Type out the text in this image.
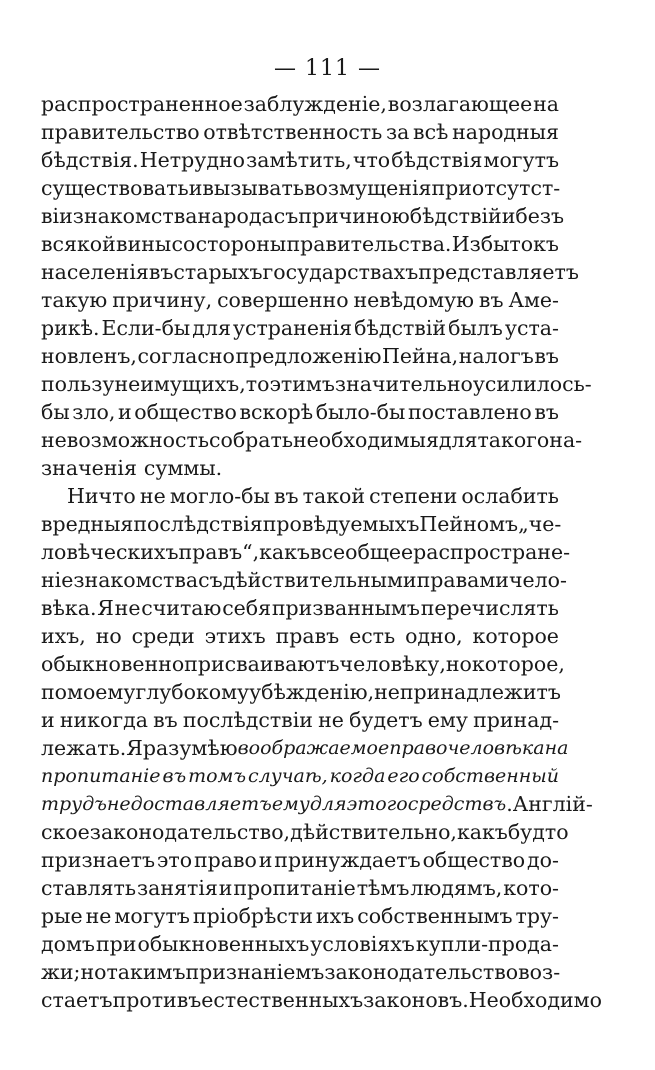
— 111 —
распространенное заблужденіе, возлагающее на
правительство отвѣтственность за всѣ народныя
бѣдствія. Нетрудно замѣтить, что бѣдствія могутъ
существовать и вызывать возмущенія при отсутст-
віи знакомства народа съ причиною бѣдствій и безъ
всякой вины со стороны правительства. Избытокъ
населенія въ старыхъ государствахъ представляетъ
такую причину, совершенно невѣдомую въ Аме-
рикѣ. Если-бы для устраненія бѣдствій былъ уста-
новленъ, согласно предложенію Пейна, налогъ въ
пользу неимущихъ, то этимъ значительно усилилось-
бы зло, и общество вскорѣ было-бы поставлено въ
невозможность собрать необходимыя для такого на-
значенія суммы.
Ничто не могло-бы въ такой степени ослабить
вредныя послѣдствія провѣдуемыхъ Пейномъ „че-
ловѣческихъ правъ“, какъ всеобщее распростране-
ніе знакомства съ дѣйствительными правами чело-
вѣка. Я не считаю себя призваннымъ перечислять
ихъ, но среди этихъ правъ есть одно, которое
обыкновенно присваиваютъ человѣку, но которое,
по моему глубокому убѣжденію, не принадлежитъ
и никогда въ послѣдствіи не будетъ ему принад-
лежать. Я разумѣю воображаемое право человѣка на
пропитаніе въ томъ случаѣ, когда его собственный
трудъ не доставляетъ ему для этого средствъ . Англій-
ское законодательство, дѣйствительно, какъ будто
признаетъ это право и принуждаетъ общество до-
ставлять занятія и пропитаніе тѣмъ людямъ, кото-
рые не могутъ пріобрѣсти ихъ собственнымъ тру-
домъ при обыкновенныхъ условіяхъ купли-прода-
жи; но такимъ признаніемъ законодательство воз-
стаетъ противъ естественныхъ законовъ. Необходимо
